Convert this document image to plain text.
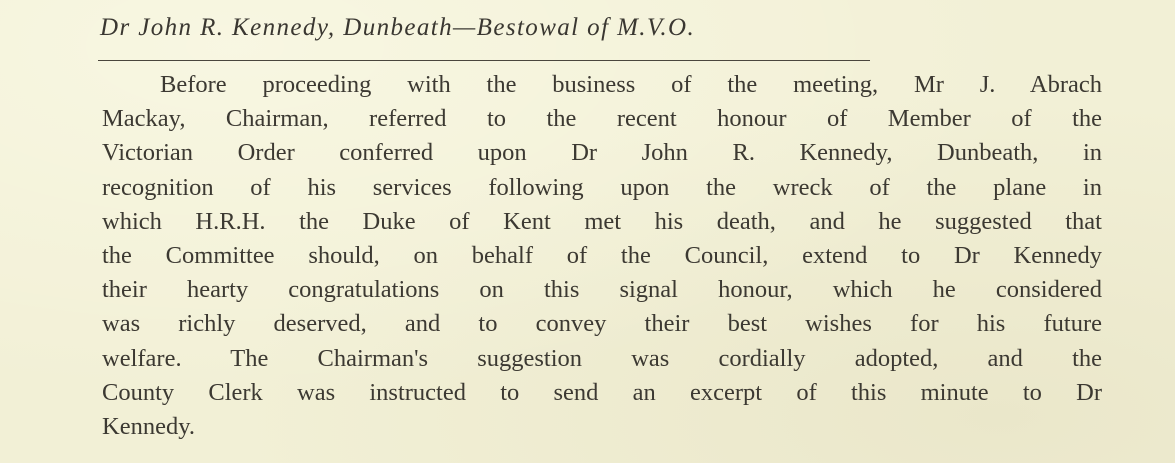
Dr John R. Kennedy, Dunbeath—Bestowal of M.V.O.
Before proceeding with the business of the meeting, Mr J. Abrach
Mackay, Chairman, referred to the recent honour of Member of the
Victorian Order conferred upon Dr John R. Kennedy, Dunbeath, in
recognition of his services following upon the wreck of the plane in
which H.R.H. the Duke of Kent met his death, and he suggested that
the Committee should, on behalf of the Council, extend to Dr Kennedy
their hearty congratulations on this signal honour, which he considered
was richly deserved, and to convey their best wishes for his future
welfare. The Chairman's suggestion was cordially adopted, and the
County Clerk was instructed to send an excerpt of this minute to Dr
Kennedy.
